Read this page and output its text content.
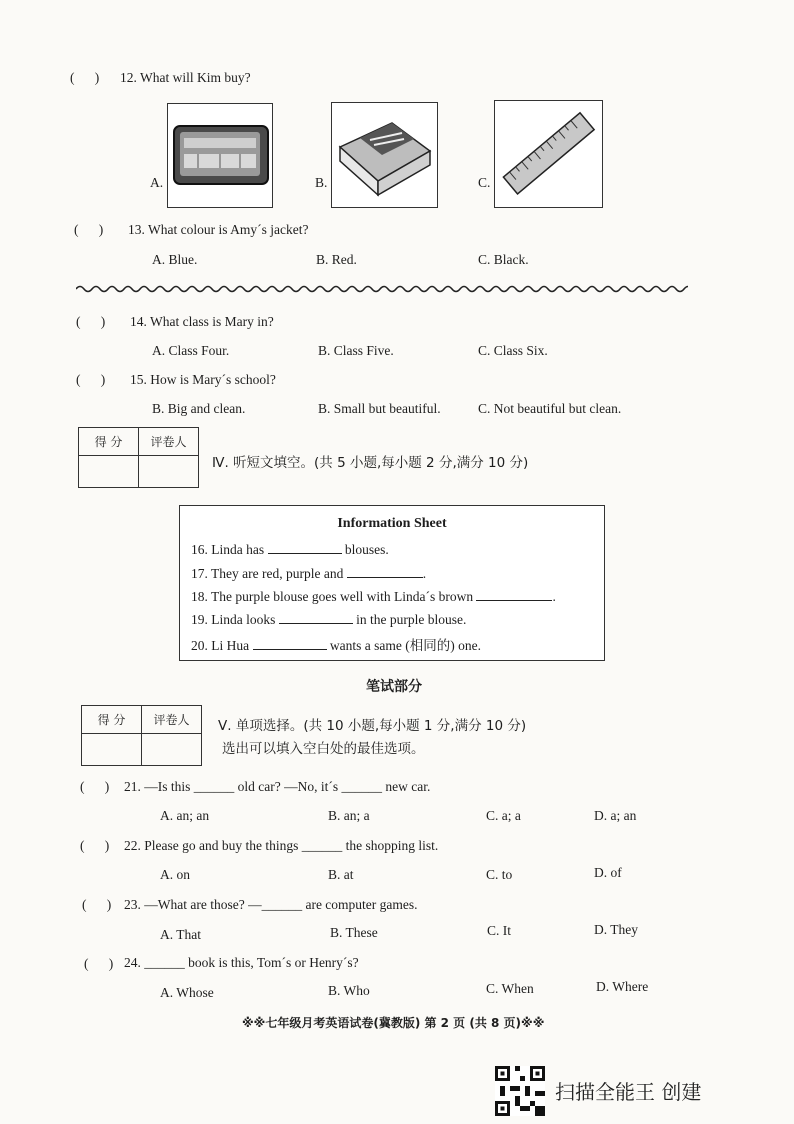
(      ) 12. What will Kim buy?
A.	B.	C.
(      ) 13. What colour is Amy´s jacket?
A. Blue.	B. Red.	C. Black.
(      ) 14. What class is Mary in?
A. Class Four.	B. Class Five.	C. Class Six.
(      ) 15. How is Mary´s school?
B. Big and clean.	B. Small but beautiful.	C. Not beautiful but clean.
得 分	评卷人

Ⅳ. 听短文填空。(共 5 小题,每小题 2 分,满分 10 分)
Information Sheet
16. Linda has	blouses.
17. They are red, purple and	.
18. The purple blouse goes well with Linda´s brown	.
19. Linda looks	in the purple blouse.
20. Li Hua	wants a same (相同的) one.
笔试部分
得 分	评卷人
	Ⅴ. 单项选择。(共 10 小题,每小题 1 分,满分 10 分)
选出可以填入空白处的最佳选项。
(      ) 21. —Is this ______ old car? —No, it´s ______ new car.
A. an; an	B. an; a	C. a; a	D. a; an
(      ) 22. Please go and buy the things ______ the shopping list.
A. on	B. at	C. to	D. of
(      ) 23. —What are those? —______ are computer games.
A. That	B. These	C. It	D. They
(      ) 24. ______ book is this, Tom´s or Henry´s?
A. Whose	B. Who	C. When	D. Where
※※七年级月考英语试卷(冀教版) 第 2 页 (共 8 页)※※
扫描全能王 创建
